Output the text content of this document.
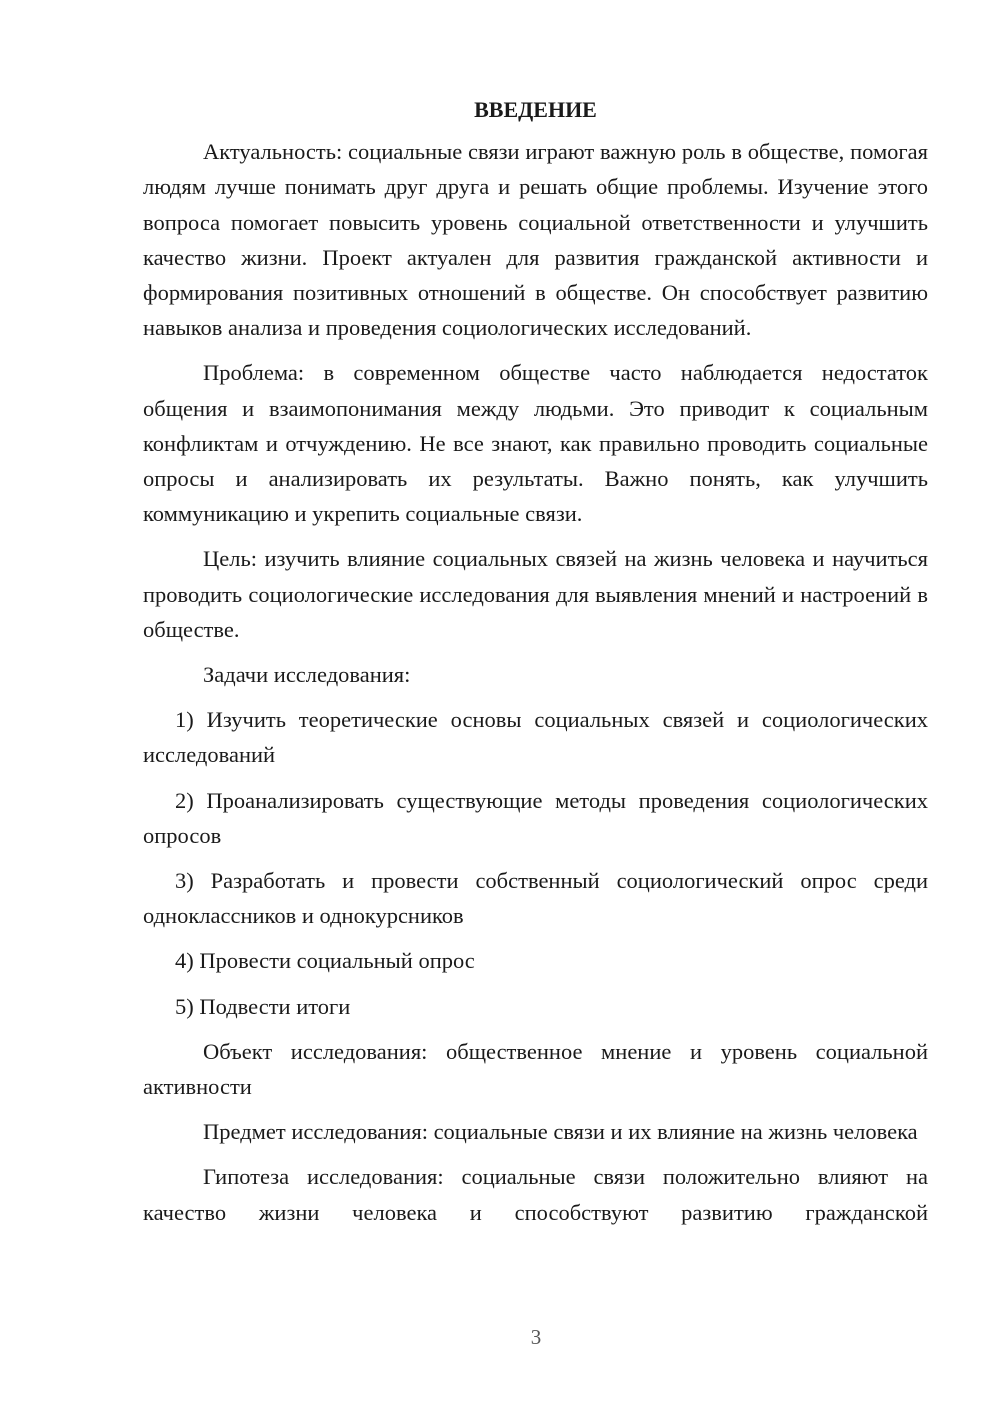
ВВЕДЕНИЕ

Актуальность: социальные связи играют важную роль в обществе, помогая людям лучше понимать друг друга и решать общие проблемы. Изучение этого вопроса помогает повысить уровень социальной ответственности и улучшить качество жизни. Проект актуален для развития гражданской активности и формирования позитивных отношений в обществе. Он способствует развитию навыков анализа и проведения социологических исследований.

Проблема: в современном обществе часто наблюдается недостаток общения и взаимопонимания между людьми. Это приводит к социальным конфликтам и отчуждению. Не все знают, как правильно проводить социальные опросы и анализировать их результаты. Важно понять, как улучшить коммуникацию и укрепить социальные связи.

Цель: изучить влияние социальных связей на жизнь человека и научиться проводить социологические исследования для выявления мнений и настроений в обществе.

Задачи исследования:

1) Изучить теоретические основы социальных связей и социологических исследований

2) Проанализировать существующие методы проведения социологических опросов

3) Разработать и провести собственный социологический опрос среди одноклассников и однокурсников

4) Провести социальный опрос

5) Подвести итоги

Объект исследования: общественное мнение и уровень социальной активности

Предмет исследования: социальные связи и их влияние на жизнь человека

Гипотеза исследования: социальные связи положительно влияют на качество жизни человека и способствуют развитию гражданской

3
